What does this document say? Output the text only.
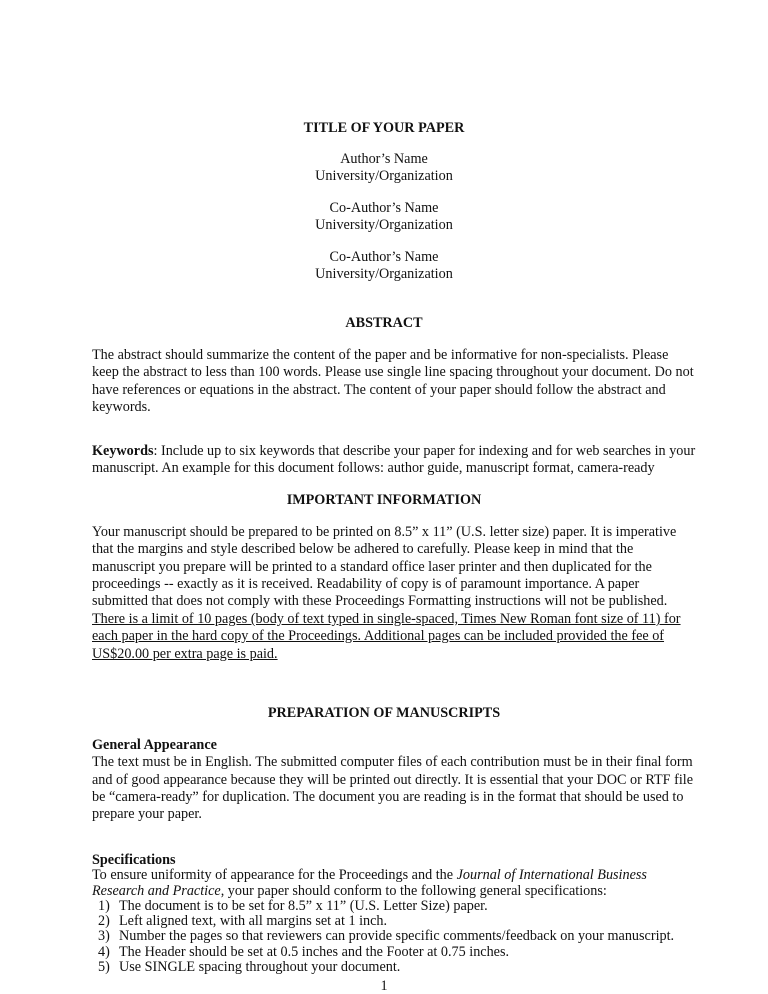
TITLE OF YOUR PAPER
Author’s Name
University/Organization
Co-Author’s Name
University/Organization
Co-Author’s Name
University/Organization
ABSTRACT
The abstract should summarize the content of the paper and be informative for non-specialists. Please
keep the abstract to less than 100 words. Please use single line spacing throughout your document. Do not
have references or equations in the abstract. The content of your paper should follow the abstract and
keywords.
Keywords: Include up to six keywords that describe your paper for indexing and for web searches in your
manuscript. An example for this document follows: author guide, manuscript format, camera-ready
IMPORTANT INFORMATION
Your manuscript should be prepared to be printed on 8.5” x 11” (U.S. letter size) paper. It is imperative
that the margins and style described below be adhered to carefully. Please keep in mind that the
manuscript you prepare will be printed to a standard office laser printer and then duplicated for the
proceedings -- exactly as it is received. Readability of copy is of paramount importance. A paper
submitted that does not comply with these Proceedings Formatting instructions will not be published.
There is a limit of 10 pages (body of text typed in single-spaced, Times New Roman font size of 11) for
each paper in the hard copy of the Proceedings. Additional pages can be included provided the fee of
US$20.00 per extra page is paid.
PREPARATION OF MANUSCRIPTS
General Appearance
The text must be in English. The submitted computer files of each contribution must be in their final form
and of good appearance because they will be printed out directly. It is essential that your DOC or RTF file
be “camera-ready” for duplication. The document you are reading is in the format that should be used to
prepare your paper.
Specifications
To ensure uniformity of appearance for the Proceedings and the Journal of International Business
Research and Practice, your paper should conform to the following general specifications:
1) The document is to be set for 8.5” x 11” (U.S. Letter Size) paper.
2) Left aligned text, with all margins set at 1 inch.
3) Number the pages so that reviewers can provide specific comments/feedback on your manuscript.
4) The Header should be set at 0.5 inches and the Footer at 0.75 inches.
5) Use SINGLE spacing throughout your document.
1
